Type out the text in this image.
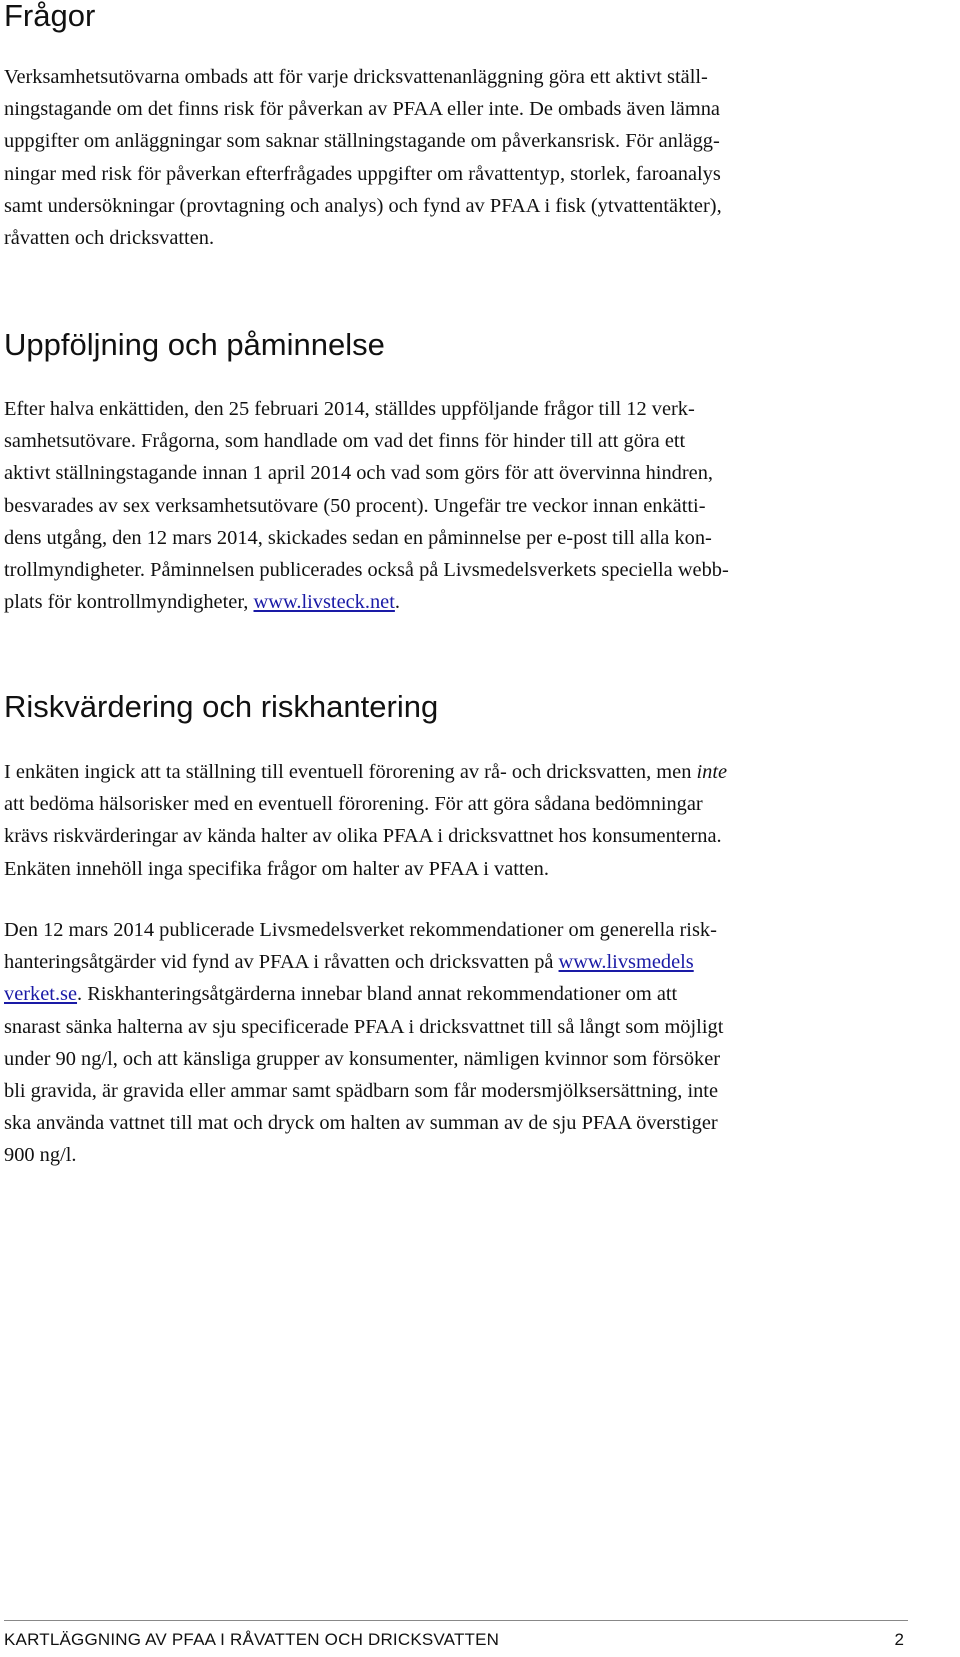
Frågor

Verksamhetsutövarna ombads att för varje dricksvattenanläggning göra ett aktivt ställ-
ningstagande om det finns risk för påverkan av PFAA eller inte. De ombads även lämna
uppgifter om anläggningar som saknar ställningstagande om påverkansrisk. För anlägg-
ningar med risk för påverkan efterfrågades uppgifter om råvattentyp, storlek, faroanalys
samt undersökningar (provtagning och analys) och fynd av PFAA i fisk (ytvattentäkter),
råvatten och dricksvatten.

Uppföljning och påminnelse

Efter halva enkättiden, den 25 februari 2014, ställdes uppföljande frågor till 12 verk-
samhetsutövare. Frågorna, som handlade om vad det finns för hinder till att göra ett
aktivt ställningstagande innan 1 april 2014 och vad som görs för att övervinna hindren,
besvarades av sex verksamhetsutövare (50 procent). Ungefär tre veckor innan enkätti-
dens utgång, den 12 mars 2014, skickades sedan en påminnelse per e-post till alla kon-
trollmyndigheter. Påminnelsen publicerades också på Livsmedelsverkets speciella webb-
plats för kontrollmyndigheter, www.livsteck.net.

Riskvärdering och riskhantering

I enkäten ingick att ta ställning till eventuell förorening av rå- och dricksvatten, men inte
att bedöma hälsorisker med en eventuell förorening. För att göra sådana bedömningar
krävs riskvärderingar av kända halter av olika PFAA i dricksvattnet hos konsumenterna.
Enkäten innehöll inga specifika frågor om halter av PFAA i vatten.

Den 12 mars 2014 publicerade Livsmedelsverket rekommendationer om generella risk-
hanteringsåtgärder vid fynd av PFAA i råvatten och dricksvatten på www.livsmedels
verket.se. Riskhanteringsåtgärderna innebar bland annat rekommendationer om att
snarast sänka halterna av sju specificerade PFAA i dricksvattnet till så långt som möjligt
under 90 ng/l, och att känsliga grupper av konsumenter, nämligen kvinnor som försöker
bli gravida, är gravida eller ammar samt spädbarn som får modersmjölksersättning, inte
ska använda vattnet till mat och dryck om halten av summan av de sju PFAA överstiger
900 ng/l.

KARTLÄGGNING AV PFAA I RÅVATTEN OCH DRICKSVATTEN	2
